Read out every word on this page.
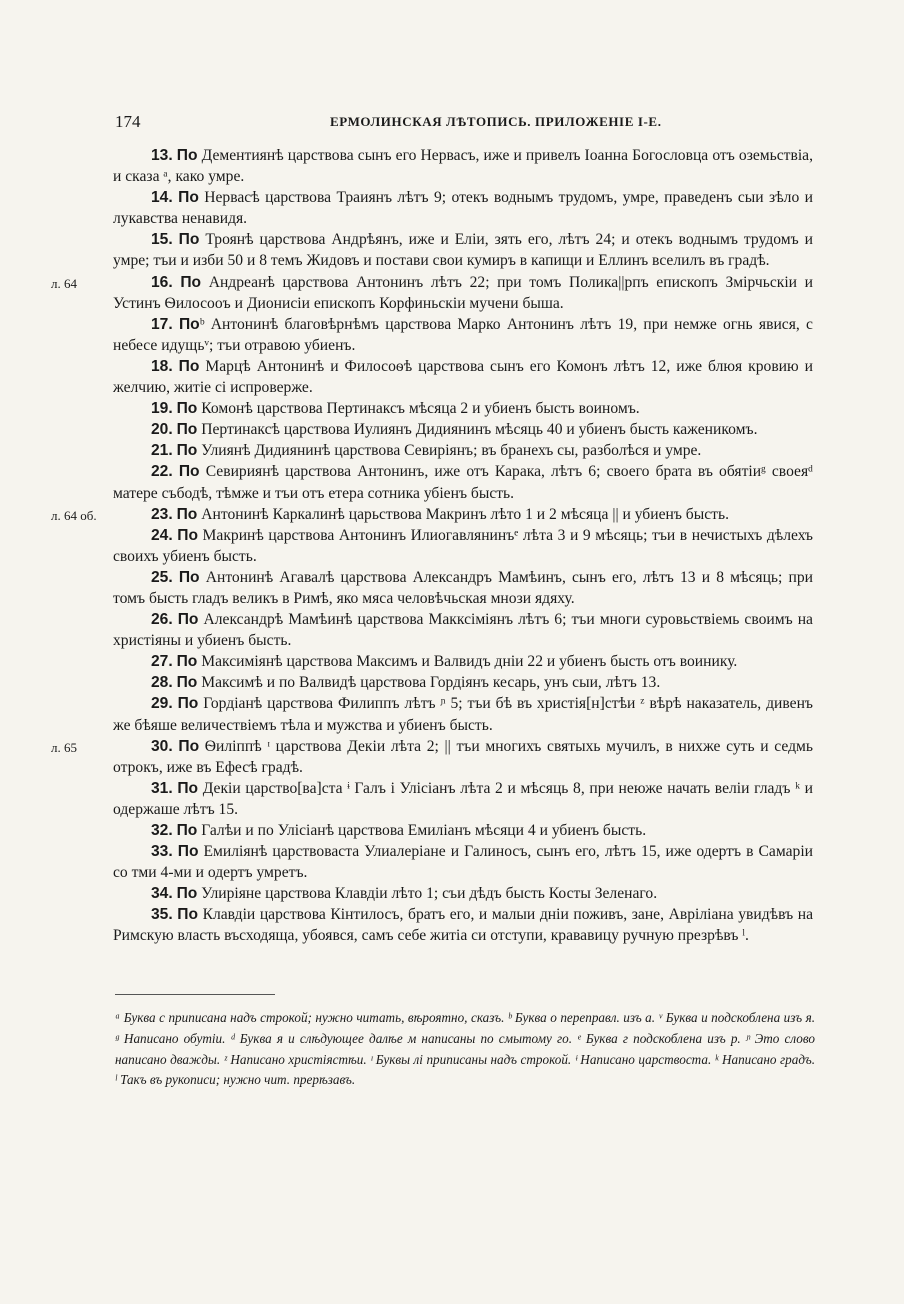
174	ЕРМОЛИНСКАЯ ЛѢТОПИСЬ. ПРИЛОЖЕНІЕ І-Е.

13. По Дементиянѣ царствова сынъ его Нервасъ, иже и привелъ Іоанна Богословца отъ оземьствіа, и сказа ᵃ, како умре.

14. По Нервасѣ царствова Траиянъ лѣтъ 9; отекъ воднымъ трудомъ, умре, праведенъ сыи зѣло и лукавства ненавидя.

15. По Троянѣ царствова Андрѣянъ, иже и Еліи, зять его, лѣтъ 24; и отекъ воднымъ трудомъ и умре; тъи и изби 50 и 8 темъ Жидовъ и постави свои кумиръ в капищи и Еллинъ вселилъ въ градѣ.

16. По Андреанѣ царствова Антонинъ лѣтъ 22; при томъ Полика||рпъ епископъ Змірчьскіи и Устинъ Ѳилосооъ и Дионисіи епископъ Корфиньскіи мучени быша.
л. 64

17. Поᵇ Антонинѣ благовѣрнѣмъ царствова Марко Антонинъ лѣтъ 19, при немже огнь явися, с небесе идущьᵛ; тъи отравою убиенъ.

18. По Марцѣ Антонинѣ и Филосоѳѣ царствова сынъ его Комонъ лѣтъ 12, иже блюя кровию и желчию, житіе сі испроверже.

19. По Комонѣ царствова Пертинаксъ мѣсяца 2 и убиенъ бысть воиномъ.

20. По Пертинаксѣ царствова Иулиянъ Дидиянинъ мѣсяць 40 и убиенъ бысть каженикомъ.

21. По Улиянѣ Дидиянинѣ царствова Севиріянъ; въ бранехъ сы, разболѣся и умре.

22. По Севириянѣ царствова Антонинъ, иже отъ Карака, лѣтъ 6; своего брата въ обятіиᵍ своеяᵈ матере събодѣ, тѣмже и тъи отъ етера сотника убіенъ бысть.

23. По Антонинѣ Каркалинѣ царьствова Макринъ лѣто 1 и 2 мѣсяца || и убиенъ бысть.
л. 64 об.

24. По Макринѣ царствова Антонинъ Илиогавлянинъᵉ лѣта 3 и 9 мѣсяць; тъи в нечистыхъ дѣлехъ своихъ убиенъ бысть.

25. По Антонинѣ Агавалѣ царствова Александръ Мамѣинъ, сынъ его, лѣтъ 13 и 8 мѣсяць; при томъ бысть гладъ великъ в Римѣ, яко мяса человѣчьская мнози ядяху.

26. По Александрѣ Мамѣинѣ царствова Макксіміянъ лѣтъ 6; тъи многи суровьствіемь своимъ на христіяны и убиенъ бысть.

27. По Максиміянѣ царствова Максимъ и Валвидъ дніи 22 и убиенъ бысть отъ воинику.

28. По Максимѣ и по Валвидѣ царствова Гордіянъ кесарь, унъ сыи, лѣтъ 13.

29. По Гордіанѣ царствова Филиппъ лѣтъ ᶮ 5; тъи бѣ въ христія[н]стѣи ᶻ вѣрѣ наказатель, дивенъ же бѣяше величествіемъ тѣла и мужства и убиенъ бысть.

30. По Ѳиліппѣ ᶦ царствова Декіи лѣта 2; || тъи многихъ святыхь мучилъ, в нихже суть и седмь отрокъ, иже въ Ефесѣ градѣ.
л. 65

31. По Декіи царство[ва]ста ᶤ Галъ і Улісіанъ лѣта 2 и мѣсяць 8, при неюже начать веліи гладъ ᵏ и одержаше лѣтъ 15.

32. По Галѣи и по Улісіанѣ царствова Емиліанъ мѣсяци 4 и убиенъ бысть.

33. По Емиліянѣ царствоваста Улиалеріане и Галиносъ, сынъ его, лѣтъ 15, иже одертъ в Самаріи со тми 4-ми и одертъ умретъ.

34. По Улиріяне царствова Клавдіи лѣто 1; съи дѣдъ бысть Косты Зеленаго.

35. По Клавдіи царствова Кінтилосъ, братъ его, и малыи дніи поживъ, зане, Авріліана увидѣвъ на Римскую власть въсходяща, убоявся, самъ себе житіа си отступи, крававицу ручную презрѣвъ ˡ.

ᵃ Буква с приписана надъ строкой; нужно читать, вѣроятно, сказъ. ᵇ Буква о переправл. изъ а. ᵛ Буква и подскоблена изъ я. ᵍ Написано обутіи. ᵈ Буква я и слѣдующее далѣе м написаны по смытому го. ᵉ Буква г подскоблена изъ р. ᶮ Это слово написано дважды. ᶻ Написано христіястѣи. ᶦ Буквы лі приписаны надъ строкой. ᶤ Написано царствоста. ᵏ Написано градъ. ˡ Такъ въ рукописи; нужно чит. прерѣзавъ.
